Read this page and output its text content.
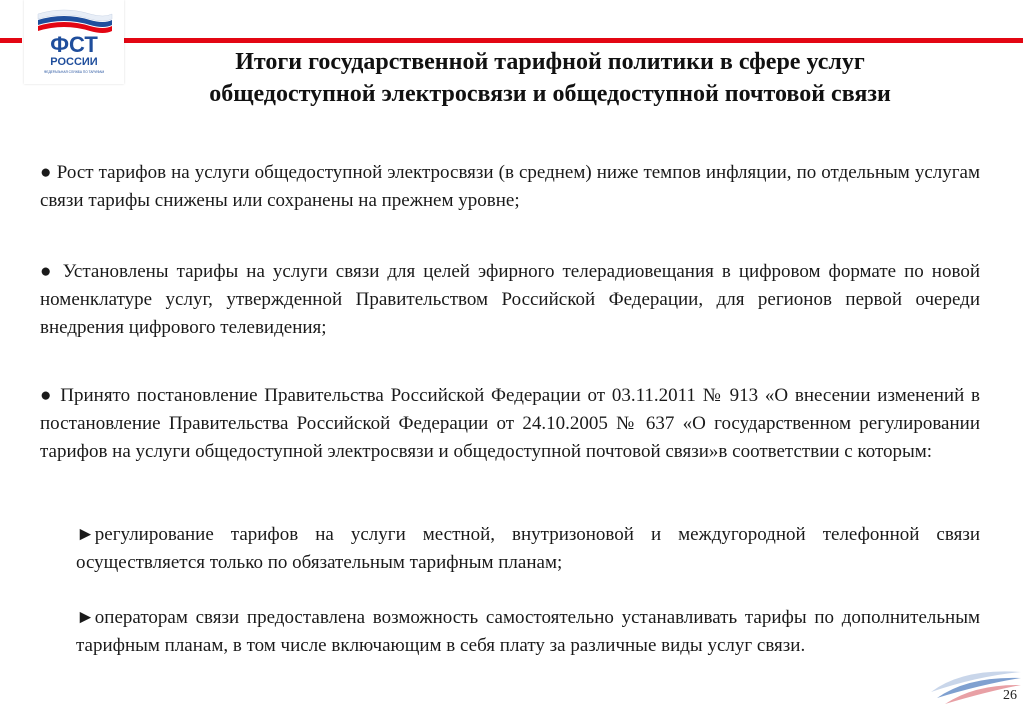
ФСТ
РОССИИ
ФЕДЕРАЛЬНАЯ СЛУЖБА ПО ТАРИФАМ	Итоги государственной тарифной политики в сфере услуг
общедоступной электросвязи и общедоступной почтовой связи
● Рост тарифов на услуги общедоступной электросвязи (в среднем) ниже темпов инфляции, по отдельным услугам связи тарифы снижены или сохранены на прежнем уровне;
● Установлены тарифы на услуги связи для целей эфирного телерадиовещания в цифровом формате по новой номенклатуре услуг, утвержденной Правительством Российской Федерации, для регионов первой очереди внедрения цифрового телевидения;
● Принято постановление Правительства Российской Федерации от 03.11.2011 № 913 «О внесении изменений в постановление Правительства Российской Федерации от 24.10.2005 № 637 «О государственном регулировании тарифов на услуги общедоступной электросвязи и общедоступной почтовой связи»в соответствии с которым:
►регулирование тарифов на услуги местной, внутризоновой и междугородной телефонной связи осуществляется только по обязательным тарифным планам;
►операторам связи предоставлена возможность самостоятельно устанавливать тарифы по дополнительным тарифным планам, в том числе включающим в себя плату за различные виды услуг связи.
26
